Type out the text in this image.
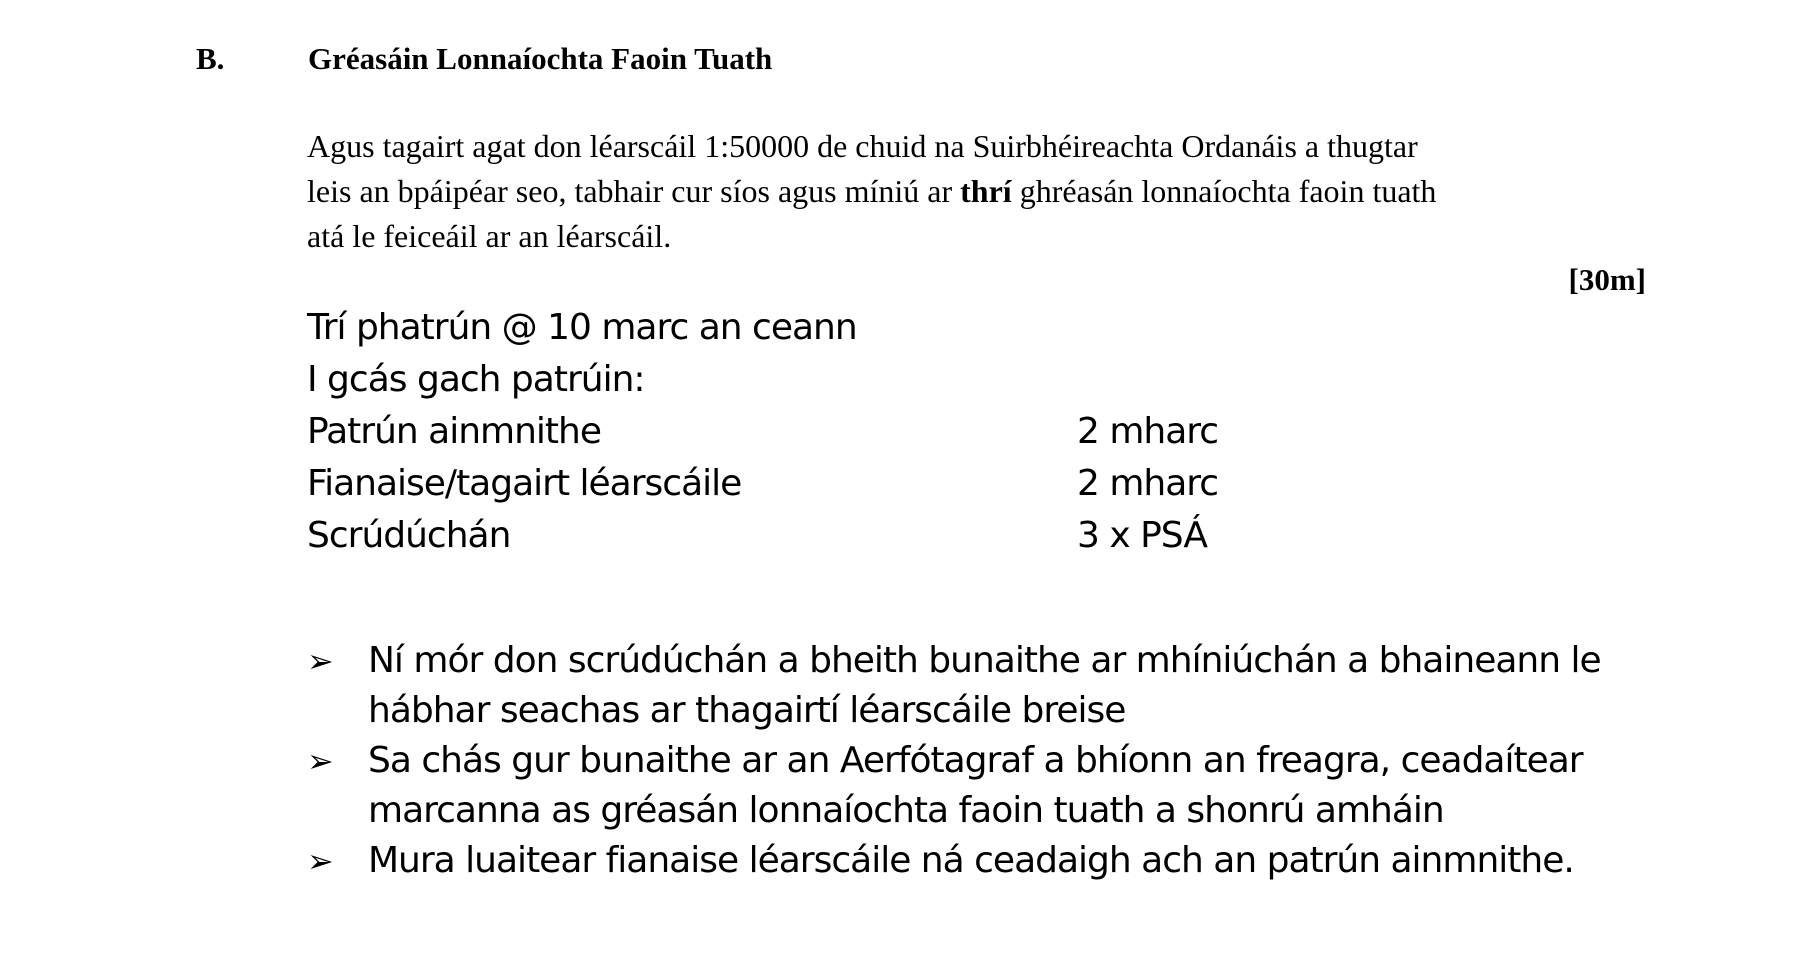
B.	Gréasáin Lonnaíochta Faoin Tuath
Agus tagairt agat don léarscáil 1:50000 de chuid na Suirbhéireachta Ordanáis a thugtar
leis an bpáipéar seo, tabhair cur síos agus míniú ar thrí ghréasán lonnaíochta faoin tuath
atá le feiceáil ar an léarscáil.
[30m]
Trí phatrún @ 10 marc an ceann
I gcás gach patrúin:
Patrún ainmnithe	2 mharc
Fianaise/tagairt léarscáile	2 mharc
Scrúdúchán	3 x PSÁ
➢ Ní mór don scrúdúchán a bheith bunaithe ar mhíniúchán a bhaineann le
hábhar seachas ar thagairtí léarscáile breise
➢ Sa chás gur bunaithe ar an Aerfótagraf a bhíonn an freagra, ceadaítear
marcanna as gréasán lonnaíochta faoin tuath a shonrú amháin
➢ Mura luaitear fianaise léarscáile ná ceadaigh ach an patrún ainmnithe.
